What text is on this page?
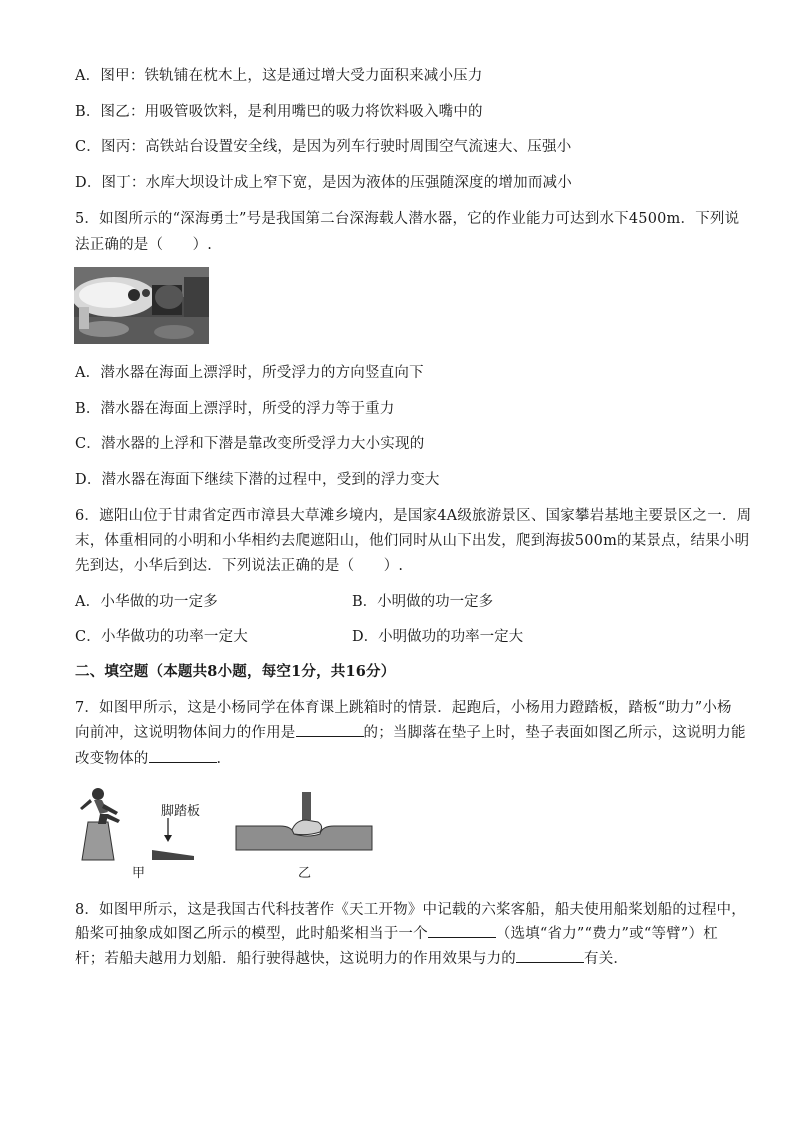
A．图甲：铁轨铺在枕木上，这是通过增大受力面积来减小压力
B．图乙：用吸管吸饮料，是利用嘴巴的吸力将饮料吸入嘴中的
C．图丙：高铁站台设置安全线，是因为列车行驶时周围空气流速大、压强小
D．图丁：水库大坝设计成上窄下宽，是因为液体的压强随深度的增加而减小
5．如图所示的“深海勇士”号是我国第二台深海载人潜水器，它的作业能力可达到水下4500m．下列说
法正确的是（　　）.
A．潜水器在海面上漂浮时，所受浮力的方向竖直向下
B．潜水器在海面上漂浮时，所受的浮力等于重力
C．潜水器的上浮和下潜是靠改变所受浮力大小实现的
D．潜水器在海面下继续下潜的过程中，受到的浮力变大
6．遮阳山位于甘肃省定西市漳县大草滩乡境内，是国家4A级旅游景区、国家攀岩基地主要景区之一．周
末，体重相同的小明和小华相约去爬遮阳山，他们同时从山下出发，爬到海拔500m的某景点，结果小明
先到达，小华后到达．下列说法正确的是（　　）.
A．小华做的功一定多	B．小明做的功一定多
C．小华做功的功率一定大	D．小明做功的功率一定大
二、填空题（本题共8小题，每空1分，共16分）
7．如图甲所示，这是小杨同学在体育课上跳箱时的情景．起跑后，小杨用力蹬踏板，踏板“助力”小杨
向前冲，这说明物体间力的作用是	的；当脚落在垫子上时，垫子表面如图乙所示，这说明力能
改变物体的	．
脚踏板
甲	乙
8．如图甲所示，这是我国古代科技著作《天工开物》中记载的六桨客船，船夫使用船桨划船的过程中，
船桨可抽象成如图乙所示的模型，此时船桨相当于一个	（选填“省力”“费力”或“等臂”）杠
杆；若船夫越用力划船．船行驶得越快，这说明力的作用效果与力的	有关．
